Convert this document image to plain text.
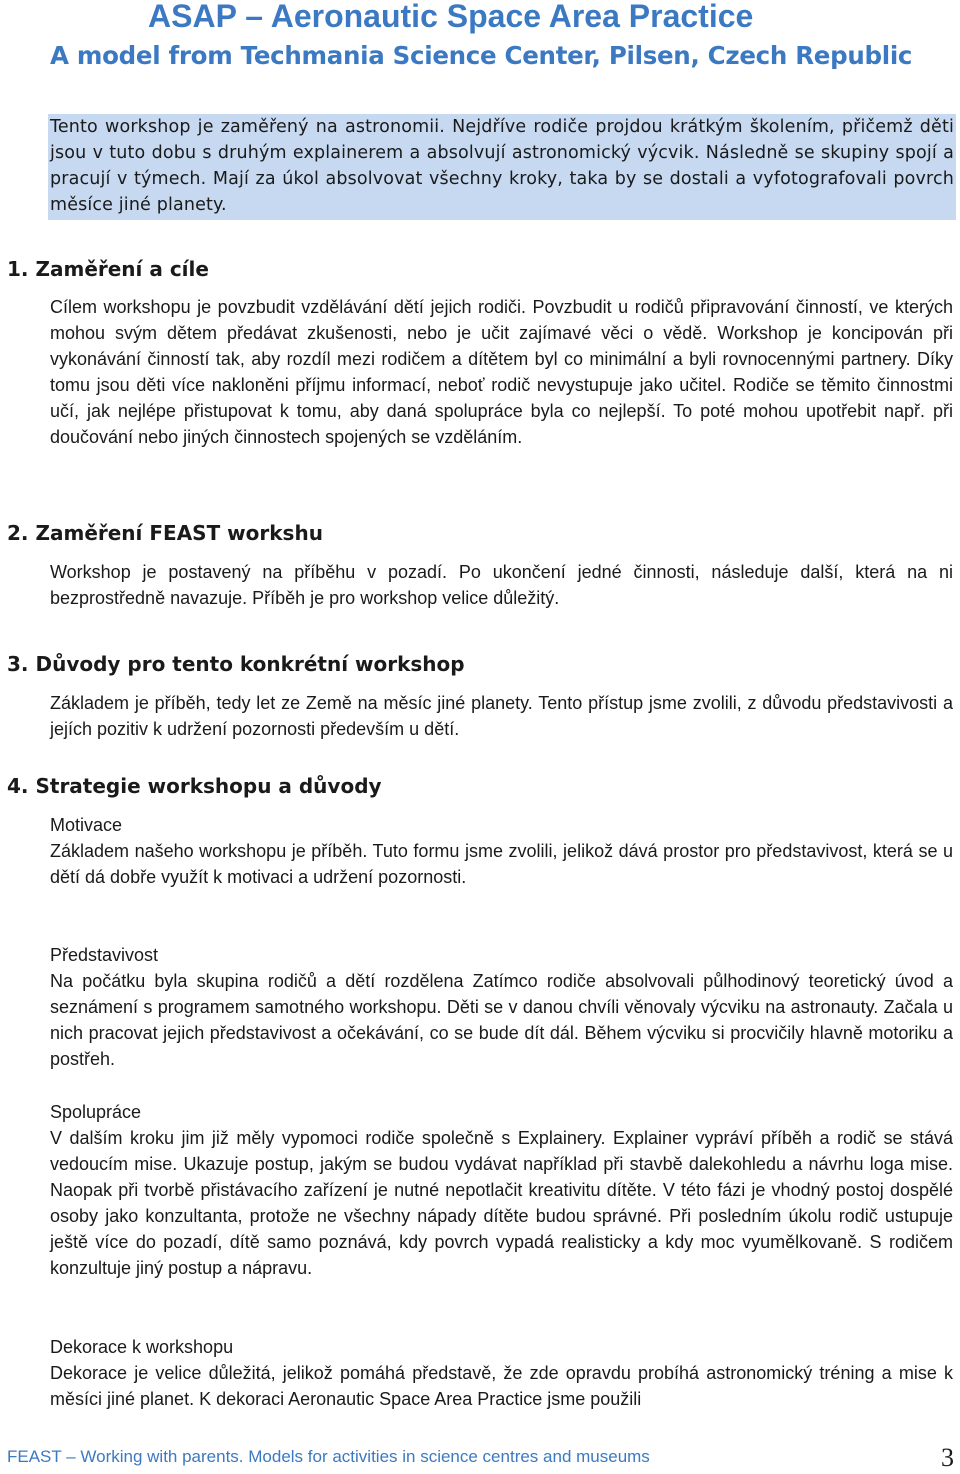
ASAP – Aeronautic Space Area Practice
A model from Techmania Science Center, Pilsen, Czech Republic

Tento workshop je zaměřený na astronomii. Nejdříve rodiče projdou krátkým školením, přičemž děti jsou v tuto dobu s druhým explainerem a absolvují astronomický výcvik. Následně se skupiny spojí a pracují v týmech. Mají za úkol absolvovat všechny kroky, taka by se dostali a vyfotografovali povrch měsíce jiné planety.

1. Zaměření a cíle

Cílem workshopu je povzbudit vzdělávání dětí jejich rodiči. Povzbudit u rodičů připravování činností, ve kterých mohou svým dětem předávat zkušenosti, nebo je učit zajímavé věci o vědě. Workshop je koncipován při vykonávání činností tak, aby rozdíl mezi rodičem a dítětem byl co minimální a byli rovnocennými partnery. Díky tomu jsou děti více nakloněni příjmu informací, neboť rodič nevystupuje jako učitel. Rodiče se těmito činnostmi učí, jak nejlépe přistupovat k tomu, aby daná spolupráce byla co nejlepší. To poté mohou upotřebit např. při doučování nebo jiných činnostech spojených se vzděláním.

2. Zaměření FEAST workshu

Workshop je postavený na příběhu v pozadí. Po ukončení jedné činnosti, následuje další, která na ni bezprostředně navazuje. Příběh je pro workshop velice důležitý.

3. Důvody pro tento konkrétní workshop

Základem je příběh, tedy let ze Země na měsíc jiné planety. Tento přístup jsme zvolili, z důvodu představivosti a jejích pozitiv k udržení pozornosti především u dětí.

4. Strategie workshopu a důvody
Motivace

Základem našeho workshopu je příběh. Tuto formu jsme zvolili, jelikož dává prostor pro představivost, která se u dětí dá dobře využít k motivaci a udržení pozornosti.

Představivost

Na počátku byla skupina rodičů a dětí rozdělena Zatímco rodiče absolvovali půlhodinový teoretický úvod a seznámení s programem samotného workshopu. Děti se v danou chvíli věnovaly výcviku na astronauty. Začala u nich pracovat jejich představivost a očekávání, co se bude dít dál. Během výcviku si procvičily hlavně motoriku a postřeh.

Spolupráce

V dalším kroku jim již měly vypomoci rodiče společně s Explainery. Explainer vypráví příběh a rodič se stává vedoucím mise. Ukazuje postup, jakým se budou vydávat například při stavbě dalekohledu a návrhu loga mise. Naopak při tvorbě přistávacího zařízení je nutné nepotlačit kreativitu dítěte. V této fázi je vhodný postoj dospělé osoby jako konzultanta, protože ne všechny nápady dítěte budou správné. Při posledním úkolu rodič ustupuje ještě více do pozadí, dítě samo poznává, kdy povrch vypadá realisticky a kdy moc vyumělkovaně. S rodičem konzultuje jiný postup a nápravu.

Dekorace k workshopu

Dekorace je velice důležitá, jelikož pomáhá představě, že zde opravdu probíhá astronomický tréning a mise k měsíci jiné planet. K dekoraci Aeronautic Space Area Practice jsme použili

FEAST – Working with parents. Models for activities in science centres and museums	3
